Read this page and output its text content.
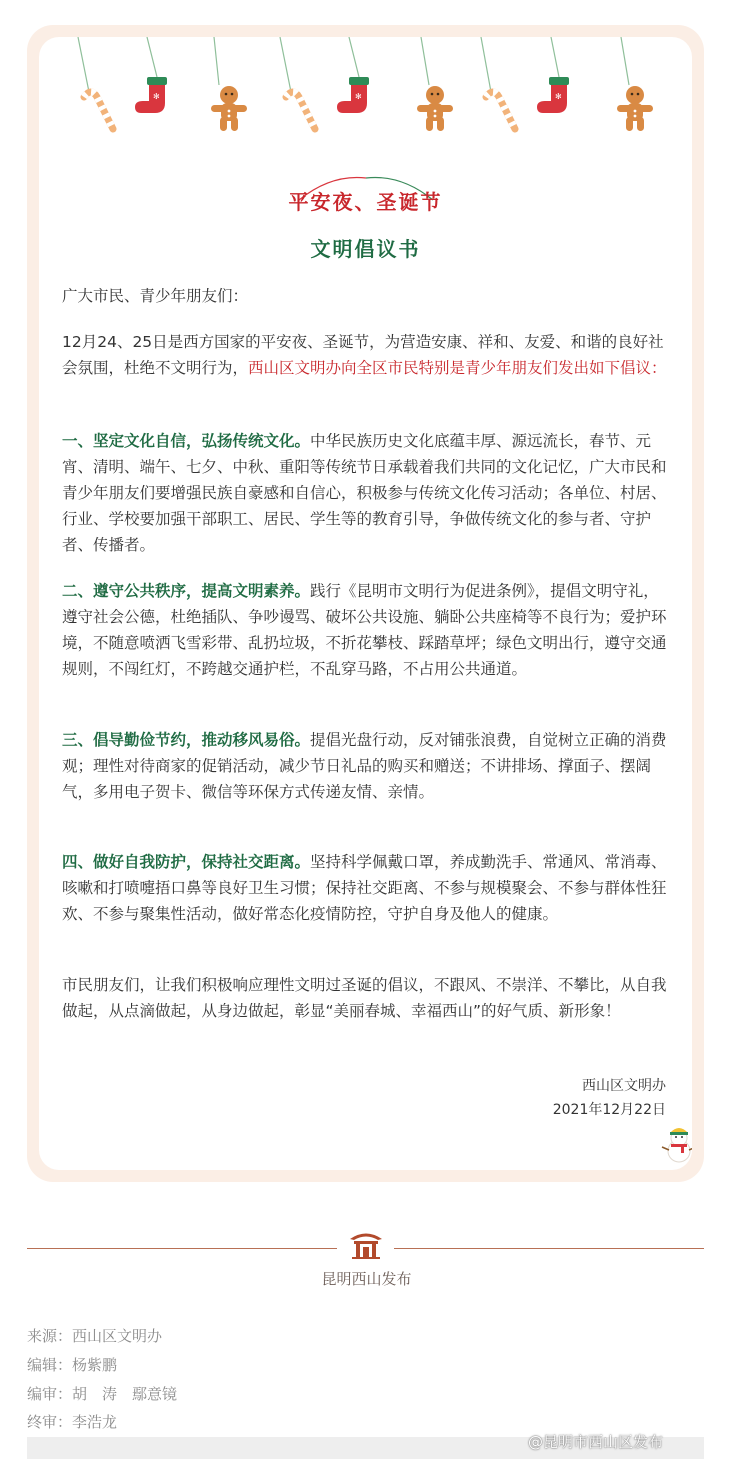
✻	✻	✻
平安夜、圣诞节
文明倡议书

广大市民、青少年朋友们：

12月24、25日是西方国家的平安夜、圣诞节，为营造安康、祥和、友爱、和谐的良好社会氛围，杜绝不文明行为，西山区文明办向全区市民特别是青少年朋友们发出如下倡议：

一、坚定文化自信，弘扬传统文化。中华民族历史文化底蕴丰厚、源远流长，春节、元宵、清明、端午、七夕、中秋、重阳等传统节日承载着我们共同的文化记忆，广大市民和青少年朋友们要增强民族自豪感和自信心，积极参与传统文化传习活动；各单位、村居、行业、学校要加强干部职工、居民、学生等的教育引导，争做传统文化的参与者、守护者、传播者。

二、遵守公共秩序，提高文明素养。践行《昆明市文明行为促进条例》，提倡文明守礼，遵守社会公德，杜绝插队、争吵谩骂、破坏公共设施、躺卧公共座椅等不良行为；爱护环境，不随意喷洒飞雪彩带、乱扔垃圾，不折花攀枝、踩踏草坪；绿色文明出行，遵守交通规则，不闯红灯，不跨越交通护栏，不乱穿马路，不占用公共通道。

三、倡导勤俭节约，推动移风易俗。提倡光盘行动，反对铺张浪费，自觉树立正确的消费观；理性对待商家的促销活动，减少节日礼品的购买和赠送；不讲排场、撑面子、摆阔气，多用电子贺卡、微信等环保方式传递友情、亲情。

四、做好自我防护，保持社交距离。坚持科学佩戴口罩，养成勤洗手、常通风、常消毒、咳嗽和打喷嚏捂口鼻等良好卫生习惯；保持社交距离、不参与规模聚会、不参与群体性狂欢、不参与聚集性活动，做好常态化疫情防控，守护自身及他人的健康。

市民朋友们，让我们积极响应理性文明过圣诞的倡议，不跟风、不崇洋、不攀比，从自我做起，从点滴做起，从身边做起，彰显“美丽春城、幸福西山”的好气质、新形象！

西山区文明办
2021年12月22日
昆明西山发布
来源：西山区文明办
编辑：杨紫鹏
编审：胡　涛　鄢意镜
终审：李浩龙
@昆明市西山区发布
